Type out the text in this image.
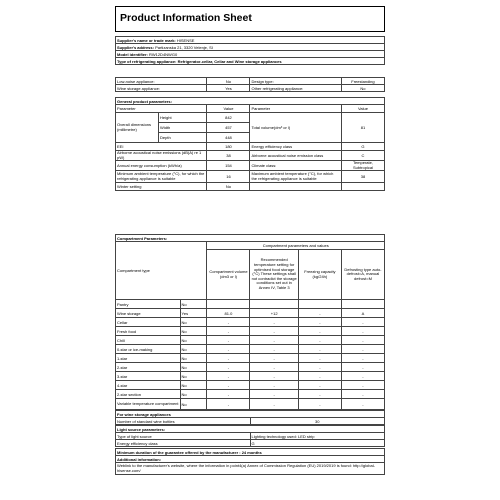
Product Information Sheet
Supplier's name or trade mark: HISENSE
Supplier's address: Partizanska 21, 3320 Velenje, SI
Model identifier: RW12D4NWG0
Type of refrigerating appliance: Refrigerator-cellar, Cellar and Wine storage appliances
Low-noise appliance:	No	Design type:	Freestanding
Wine storage appliance:	Yes	Other refrigerating appliance:	No
General product parameters:				
Parameter		Value	Parameter	Value
Overall dimensions (millimetre)	Height	842	Total volume(dm³ or l)	81
	Width	457		
	Depth	448		
EEI		180	Energy efficiency class	G
Airborne acoustical noise emissions (dB(A) re 1 pW)		38	Airborne acoustical noise emission class	C
Annual energy consumption (kWh/a)		154	Climate class:	Temperate, Subtropical
Minimum ambient temperature (°C), for which the refrigerating appliance is suitable		16	Maximum ambient temperature (°C), for which the refrigerating appliance is suitable	38
Winter setting		No		
Compartment Parameters:					
Compartment type		Compartment parameters and values			
		Compartment volume (dm3 or l)	Recommended temperature setting for optimised food storage (°C) These settings shall not contradict the storage conditions set out in Annex IV, Table 3	Freezing capacity (kg/24h)	Defrosting type auto-defrost=A, manual defrost=M
Pantry	No				
Wine storage	Yes	81.0	+12	-	A
Cellar	No	-	-	-	-
Fresh food	No	-	-	-	-
Chill	No	-	-	-	-
0-star or ice-making	No	-	-	-	-
1-star	No	-	-	-	-
2-star	No	-	-	-	-
3-star	No	-	-	-	-
4-star	No	-	-	-	-
2-star section	No	-	-	-	-
Variable temperature compartment	No	-	-	-	-
For wine storage appliances
Number of standard wine bottles	30
Light source parameters:	
Type of light source	Lighting technology used: LED strip
Energy efficiency class	G
Minimum duration of the guarantee offered by the manufacturer : 24 months
Additional information:
Weblink to the manufacturer's website, where the information in point4(a) Annex of Commission Regulation (EU) 2019/2019 is found: http://global-hisense.com/
